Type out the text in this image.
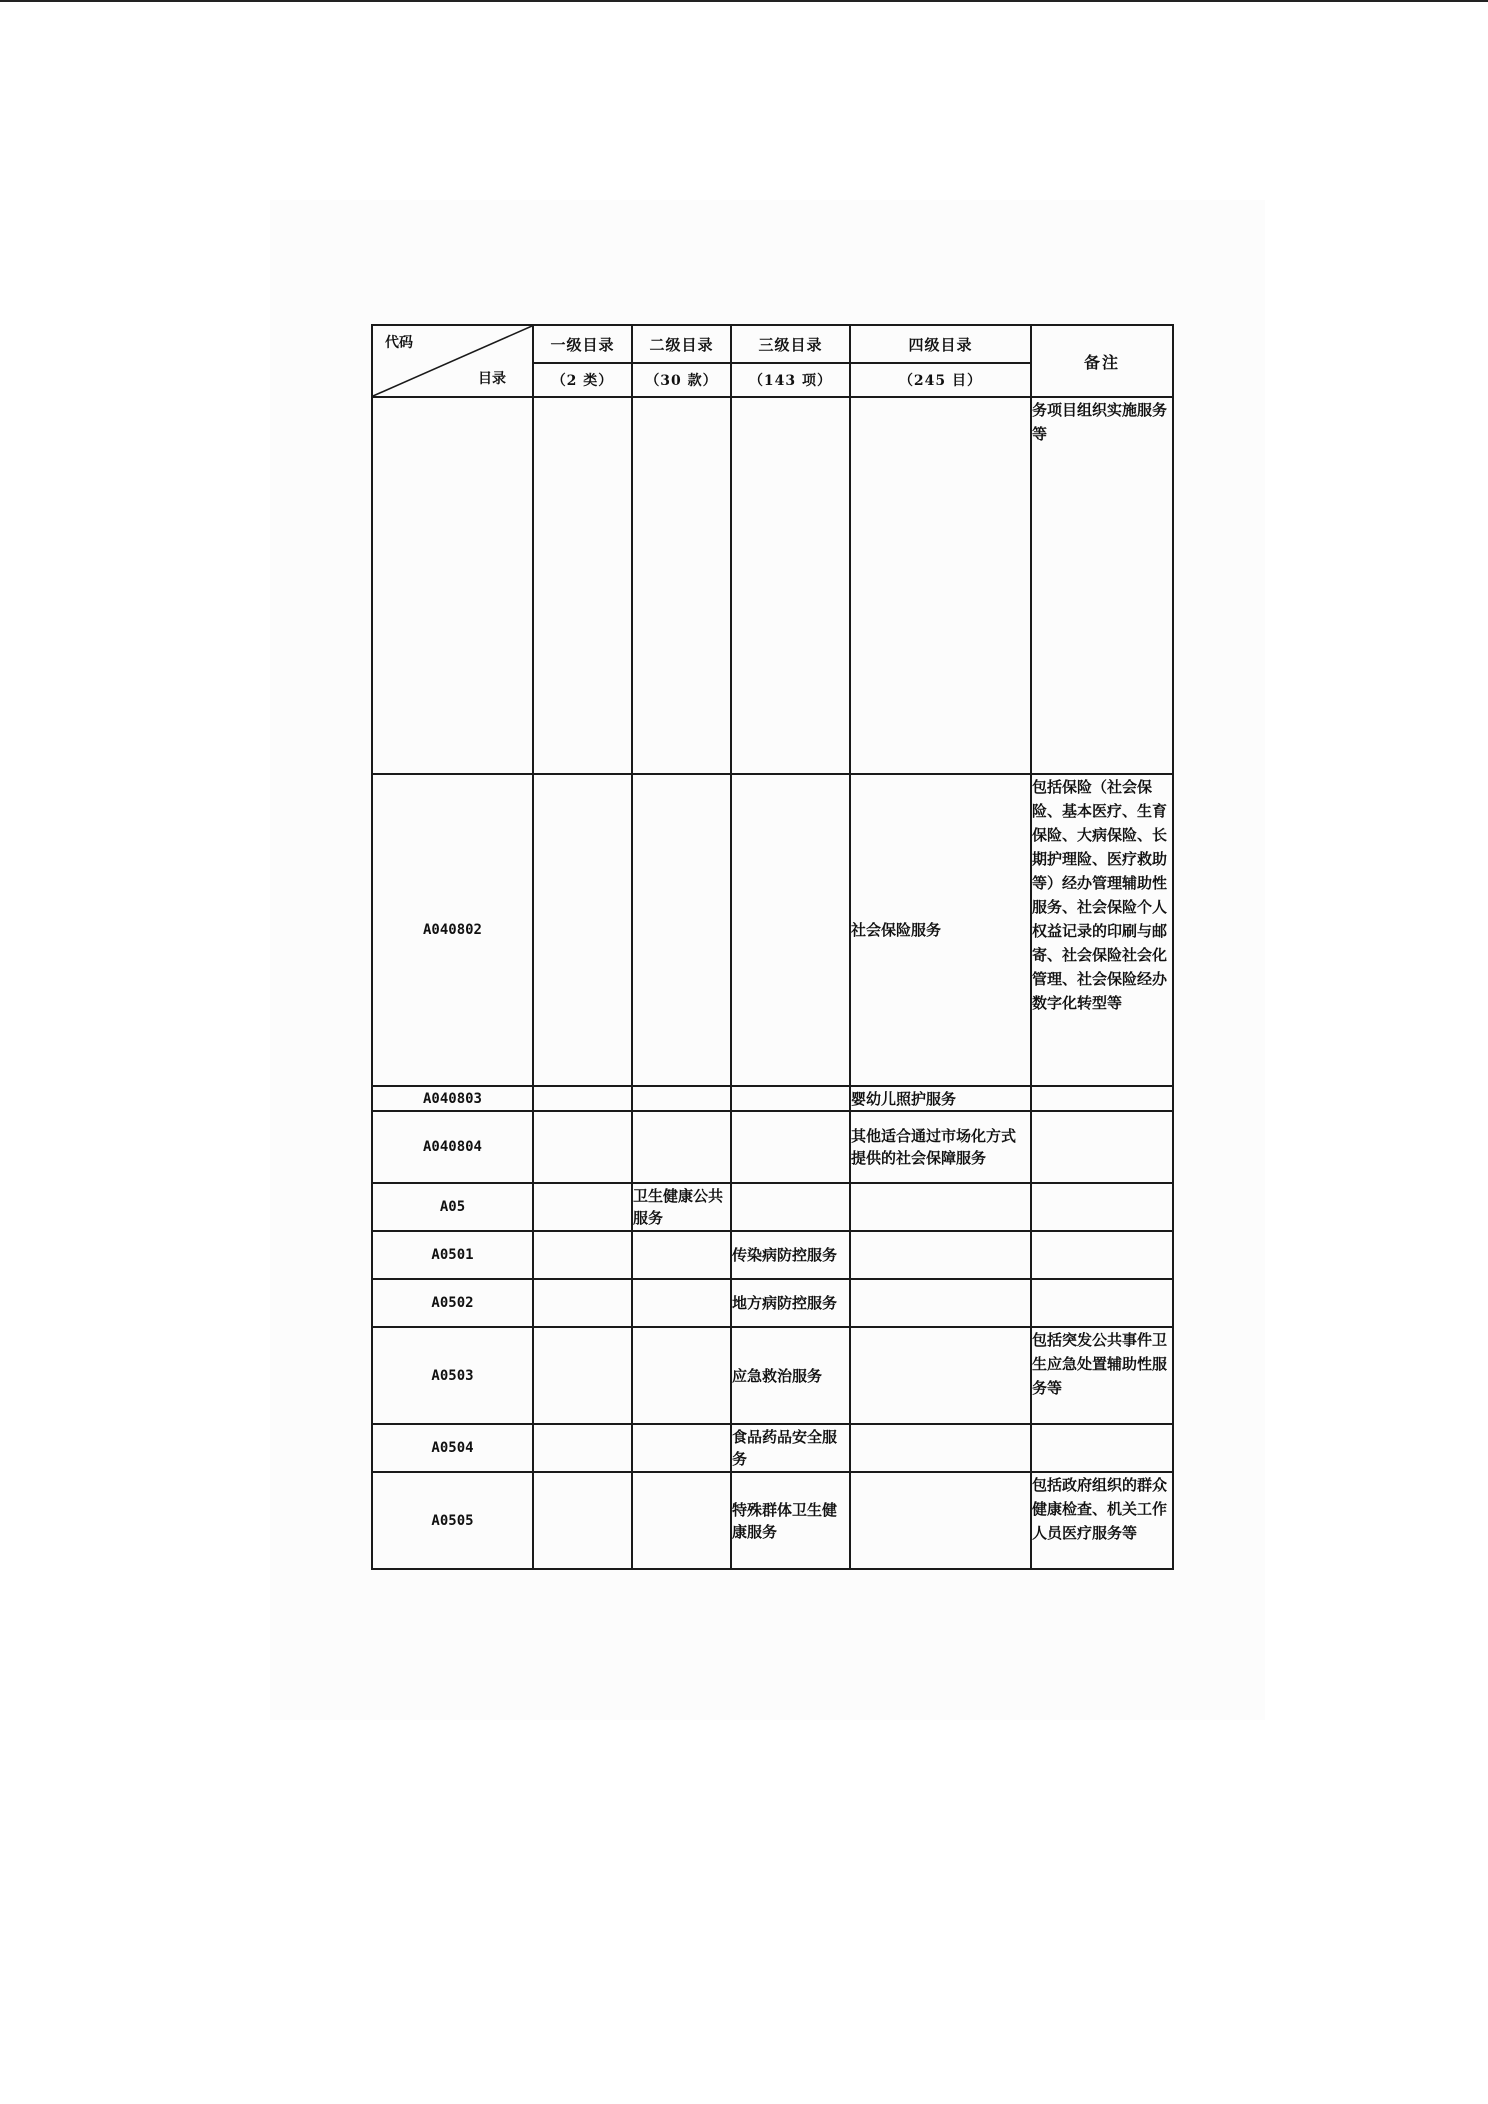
代码
目录	一级目录	二级目录	三级目录	四级目录	备注
	（2 类）	（30 款）	（143 项）	（245 目）	
					务项目组织实施服务等
A040802				社会保险服务	包括保险（社会保险、基本医疗、生育保险、大病保险、长期护理险、医疗救助等）经办管理辅助性服务、社会保险个人权益记录的印刷与邮寄、社会保险社会化管理、社会保险经办数字化转型等
A040803				婴幼儿照护服务	
A040804				其他适合通过市场化方式提供的社会保障服务	
A05		卫生健康公共服务			
A0501			传染病防控服务		
A0502			地方病防控服务		
A0503			应急救治服务		包括突发公共事件卫生应急处置辅助性服务等
A0504			食品药品安全服务		
A0505			特殊群体卫生健康服务		包括政府组织的群众健康检查、机关工作人员医疗服务等
